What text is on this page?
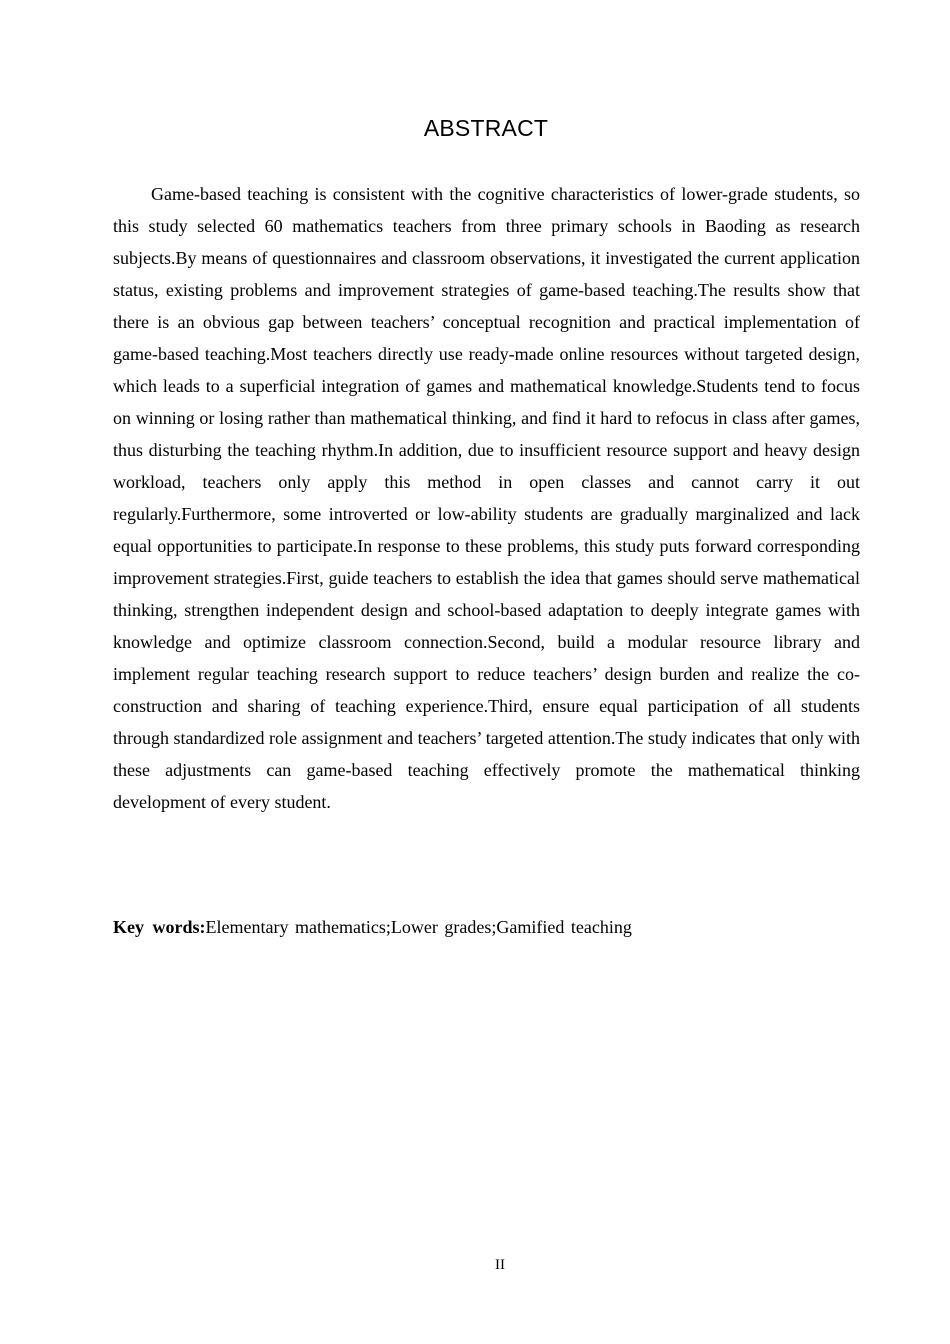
ABSTRACT

Game-based teaching is consistent with the cognitive characteristics of lower-grade students, so this study selected 60 mathematics teachers from three primary schools in Baoding as research subjects.By means of questionnaires and classroom observations, it investigated the current application status, existing problems and improvement strategies of game-based teaching.The results show that there is an obvious gap between teachers’ conceptual recognition and practical implementation of game-based teaching.Most teachers directly use ready-made online resources without targeted design, which leads to a superficial integration of games and mathematical knowledge.Students tend to focus on winning or losing rather than mathematical thinking, and find it hard to refocus in class after games, thus disturbing the teaching rhythm.In addition, due to insufficient resource support and heavy design workload, teachers only apply this method in open classes and cannot carry it out regularly.Furthermore, some introverted or low-ability students are gradually marginalized and lack equal opportunities to participate.In response to these problems, this study puts forward corresponding improvement strategies.First, guide teachers to establish the idea that games should serve mathematical thinking, strengthen independent design and school-based adaptation to deeply integrate games with knowledge and optimize classroom connection.Second, build a modular resource library and implement regular teaching research support to reduce teachers’ design burden and realize the co-construction and sharing of teaching experience.Third, ensure equal participation of all students through standardized role assignment and teachers’ targeted attention.The study indicates that only with these adjustments can game-based teaching effectively promote the mathematical thinking development of every student.

Key words:Elementary mathematics;Lower grades;Gamified teaching

II
